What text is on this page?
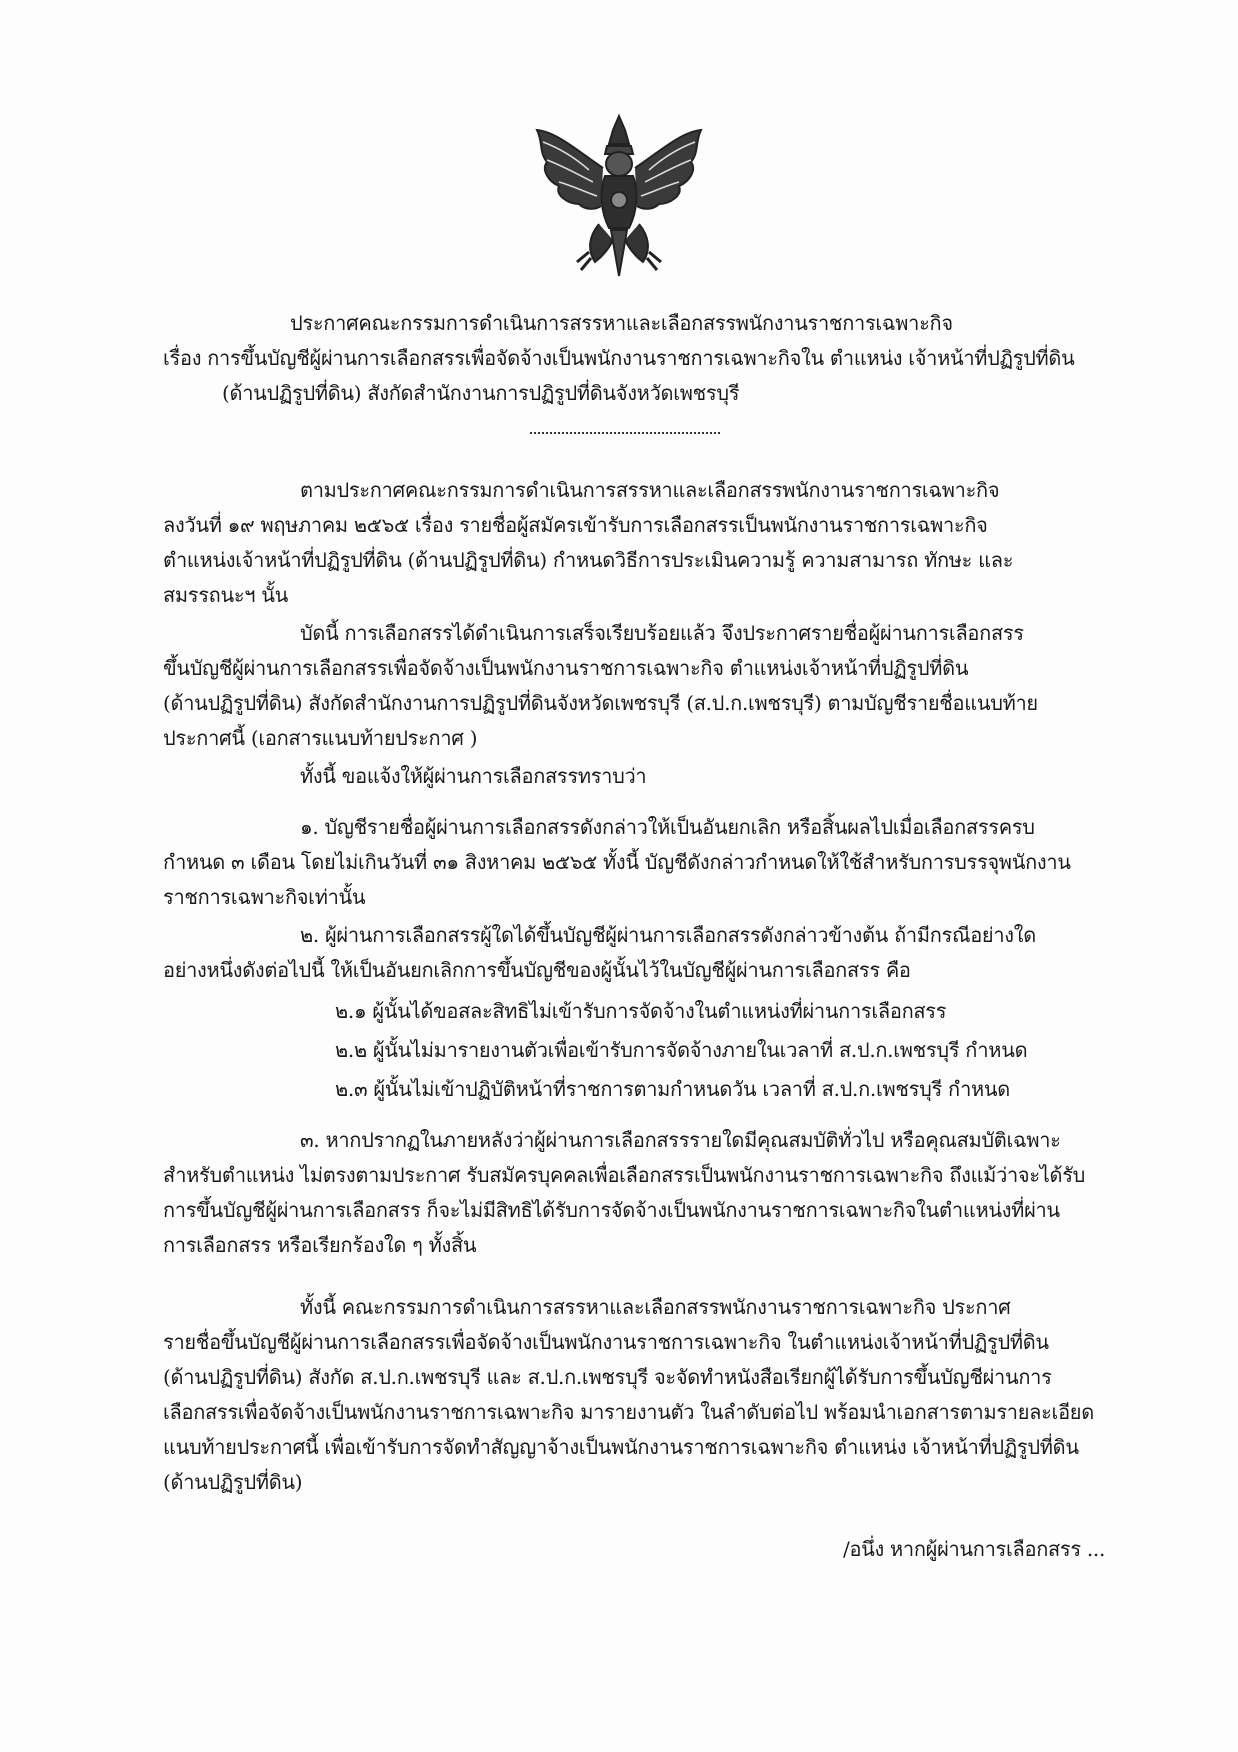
ประกาศคณะกรรมการดำเนินการสรรหาและเลือกสรรพนักงานราชการเฉพาะกิจ
เรื่อง การขึ้นบัญชีผู้ผ่านการเลือกสรรเพื่อจัดจ้างเป็นพนักงานราชการเฉพาะกิจใน ตำแหน่ง เจ้าหน้าที่ปฏิรูปที่ดิน
(ด้านปฏิรูปที่ดิน) สังกัดสำนักงานการปฏิรูปที่ดินจังหวัดเพชรบุรี
ตามประกาศคณะกรรมการดำเนินการสรรหาและเลือกสรรพนักงานราชการเฉพาะกิจ
ลงวันที่ ๑๙ พฤษภาคม ๒๕๖๕ เรื่อง รายชื่อผู้สมัครเข้ารับการเลือกสรรเป็นพนักงานราชการเฉพาะกิจ
ตำแหน่งเจ้าหน้าที่ปฏิรูปที่ดิน (ด้านปฏิรูปที่ดิน) กำหนดวิธีการประเมินความรู้ ความสามารถ ทักษะ และ
สมรรถนะฯ นั้น
บัดนี้ การเลือกสรรได้ดำเนินการเสร็จเรียบร้อยแล้ว จึงประกาศรายชื่อผู้ผ่านการเลือกสรร
ขึ้นบัญชีผู้ผ่านการเลือกสรรเพื่อจัดจ้างเป็นพนักงานราชการเฉพาะกิจ ตำแหน่งเจ้าหน้าที่ปฏิรูปที่ดิน
(ด้านปฏิรูปที่ดิน) สังกัดสำนักงานการปฏิรูปที่ดินจังหวัดเพชรบุรี (ส.ป.ก.เพชรบุรี) ตามบัญชีรายชื่อแนบท้าย
ประกาศนี้ (เอกสารแนบท้ายประกาศ )
ทั้งนี้ ขอแจ้งให้ผู้ผ่านการเลือกสรรทราบว่า
๑. บัญชีรายชื่อผู้ผ่านการเลือกสรรดังกล่าวให้เป็นอันยกเลิก หรือสิ้นผลไปเมื่อเลือกสรรครบ
กำหนด ๓ เดือน โดยไม่เกินวันที่ ๓๑ สิงหาคม ๒๕๖๕ ทั้งนี้ บัญชีดังกล่าวกำหนดให้ใช้สำหรับการบรรจุพนักงาน
ราชการเฉพาะกิจเท่านั้น
๒. ผู้ผ่านการเลือกสรรผู้ใดได้ขึ้นบัญชีผู้ผ่านการเลือกสรรดังกล่าวข้างต้น ถ้ามีกรณีอย่างใด
อย่างหนึ่งดังต่อไปนี้ ให้เป็นอันยกเลิกการขึ้นบัญชีของผู้นั้นไว้ในบัญชีผู้ผ่านการเลือกสรร คือ
๒.๑ ผู้นั้นได้ขอสละสิทธิไม่เข้ารับการจัดจ้างในตำแหน่งที่ผ่านการเลือกสรร
๒.๒ ผู้นั้นไม่มารายงานตัวเพื่อเข้ารับการจัดจ้างภายในเวลาที่ ส.ป.ก.เพชรบุรี กำหนด
๒.๓ ผู้นั้นไม่เข้าปฏิบัติหน้าที่ราชการตามกำหนดวัน เวลาที่ ส.ป.ก.เพชรบุรี กำหนด
๓. หากปรากฏในภายหลังว่าผู้ผ่านการเลือกสรรรายใดมีคุณสมบัติทั่วไป หรือคุณสมบัติเฉพาะ
สำหรับตำแหน่ง ไม่ตรงตามประกาศ รับสมัครบุคคลเพื่อเลือกสรรเป็นพนักงานราชการเฉพาะกิจ ถึงแม้ว่าจะได้รับ
การขึ้นบัญชีผู้ผ่านการเลือกสรร ก็จะไม่มีสิทธิได้รับการจัดจ้างเป็นพนักงานราชการเฉพาะกิจในตำแหน่งที่ผ่าน
การเลือกสรร หรือเรียกร้องใด ๆ ทั้งสิ้น
ทั้งนี้ คณะกรรมการดำเนินการสรรหาและเลือกสรรพนักงานราชการเฉพาะกิจ ประกาศ
รายชื่อขึ้นบัญชีผู้ผ่านการเลือกสรรเพื่อจัดจ้างเป็นพนักงานราชการเฉพาะกิจ ในตำแหน่งเจ้าหน้าที่ปฏิรูปที่ดิน
(ด้านปฏิรูปที่ดิน) สังกัด ส.ป.ก.เพชรบุรี และ ส.ป.ก.เพชรบุรี จะจัดทำหนังสือเรียกผู้ได้รับการขึ้นบัญชีผ่านการ
เลือกสรรเพื่อจัดจ้างเป็นพนักงานราชการเฉพาะกิจ มารายงานตัว ในลำดับต่อไป พร้อมนำเอกสารตามรายละเอียด
แนบท้ายประกาศนี้ เพื่อเข้ารับการจัดทำสัญญาจ้างเป็นพนักงานราชการเฉพาะกิจ ตำแหน่ง เจ้าหน้าที่ปฏิรูปที่ดิน
(ด้านปฏิรูปที่ดิน)
/อนึ่ง หากผู้ผ่านการเลือกสรร ...
